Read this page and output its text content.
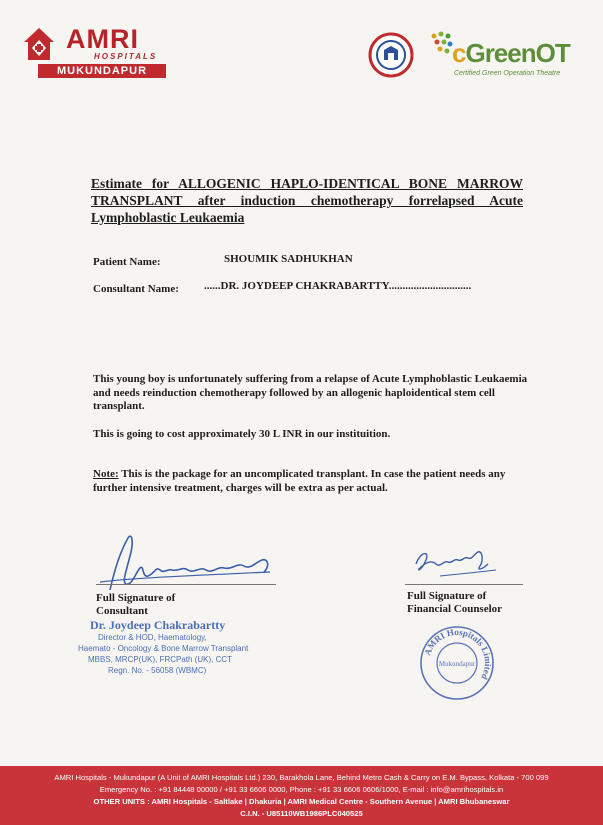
AMRI
HOSPITALS
MUKUNDAPUR
cGreenOT
Certified Green Operation Theatre
Estimate for ALLOGENIC HAPLO-IDENTICAL BONE MARROW TRANSPLANT after induction chemotherapy forrelapsed Acute Lymphoblastic Leukaemia
Patient Name:	SHOUMIK SADHUKHAN
Consultant Name: ......DR. JOYDEEP CHAKRABARTTY..............................
This young boy is unfortunately suffering from a relapse of Acute Lymphoblastic Leukaemia and needs reinduction chemotherapy followed by an allogenic haploidentical stem cell transplant.
This is going to cost approximately 30 L INR in our instituition.
Note: This is the package for an uncomplicated transplant. In case the patient needs any further intensive treatment, charges will be extra as per actual.
Full Signature of
Consultant
Dr. Joydeep Chakrabartty
Director & HOD, Haematology,
Haemato - Oncology & Bone Marrow Transplant
MBBS, MRCP(UK), FRCPath (UK), CCT
Regn. No. - 56058 (WBMC)
Full Signature of
Financial Counselor
AMRI Hospitals Limited
Mukundapur
AMRI Hospitals - Mukundapur (A Unit of AMRI Hospitals Ltd.) 230, Barakhola Lane, Behind Metro Cash & Carry on E.M. Bypass, Kolkata - 700 099
Emergency No. : +91 84448 00000 / +91 33 6606 0000, Phone : +91 33 6606 0606/1000, E-mail : info@amrihospitals.in
OTHER UNITS : AMRI Hospitals - Saltlake | Dhakuria | AMRI Medical Centre - Southern Avenue | AMRI Bhubaneswar
C.I.N. - U85110WB1986PLC040525
